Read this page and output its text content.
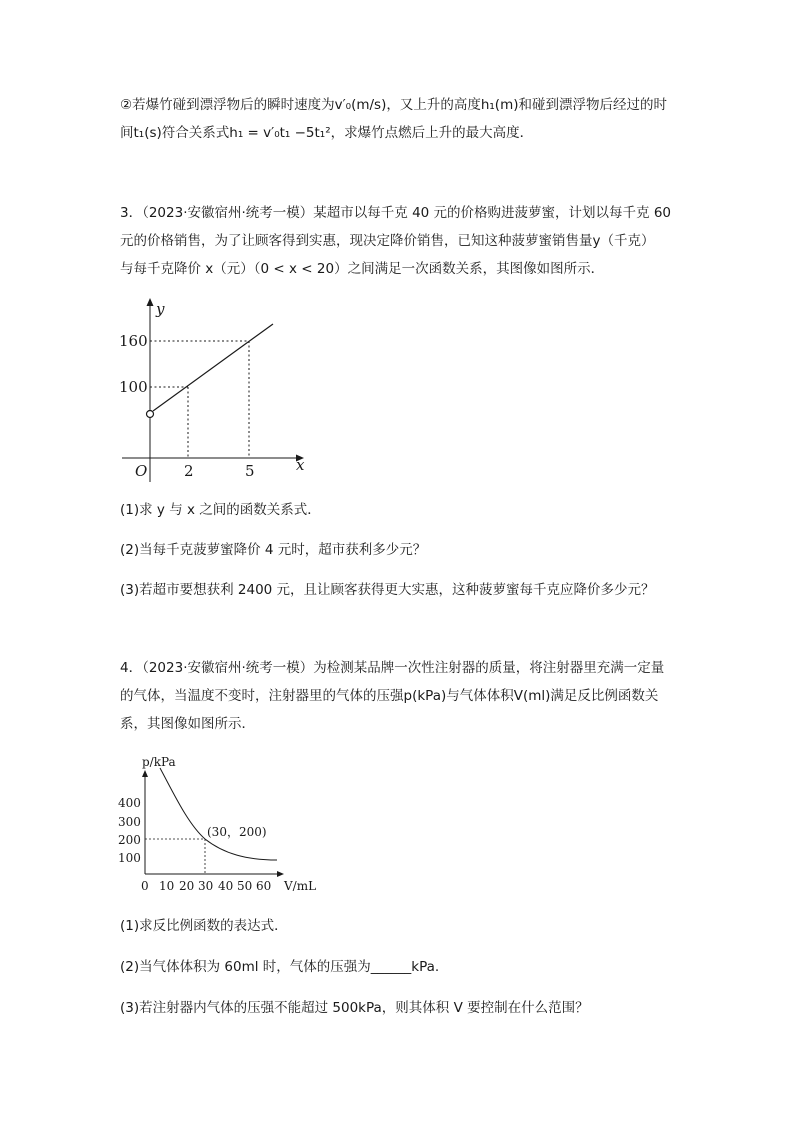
②若爆竹碰到漂浮物后的瞬时速度为v′₀(m/s)，又上升的高度h₁(m)和碰到漂浮物后经过的时
间t₁(s)符合关系式h₁ = v′₀t₁ −5t₁²，求爆竹点燃后上升的最大高度．
3．（2023·安徽宿州·统考一模）某超市以每千克 40 元的价格购进菠萝蜜，计划以每千克 60
元的价格销售，为了让顾客得到实惠，现决定降价销售，已知这种菠萝蜜销售量y（千克）
与每千克降价 x（元）（0 < x < 20）之间满足一次函数关系，其图像如图所示．
y
x
O
160
100
2	5
(1)求 y 与 x 之间的函数关系式．
(2)当每千克菠萝蜜降价 4 元时，超市获利多少元？
(3)若超市要想获利 2400 元，且让顾客获得更大实惠，这种菠萝蜜每千克应降价多少元？
4．（2023·安徽宿州·统考一模）为检测某品牌一次性注射器的质量，将注射器里充满一定量
的气体，当温度不变时，注射器里的气体的压强p(kPa)与气体体积V(ml)满足反比例函数关
系，其图像如图所示．
p/kPa
V/mL
(30，200)
400
300
200
100
0 10 20 30 40 50 60
(1)求反比例函数的表达式．
(2)当气体体积为 60ml 时，气体的压强为______kPa.
(3)若注射器内气体的压强不能超过 500kPa，则其体积 V 要控制在什么范围？
